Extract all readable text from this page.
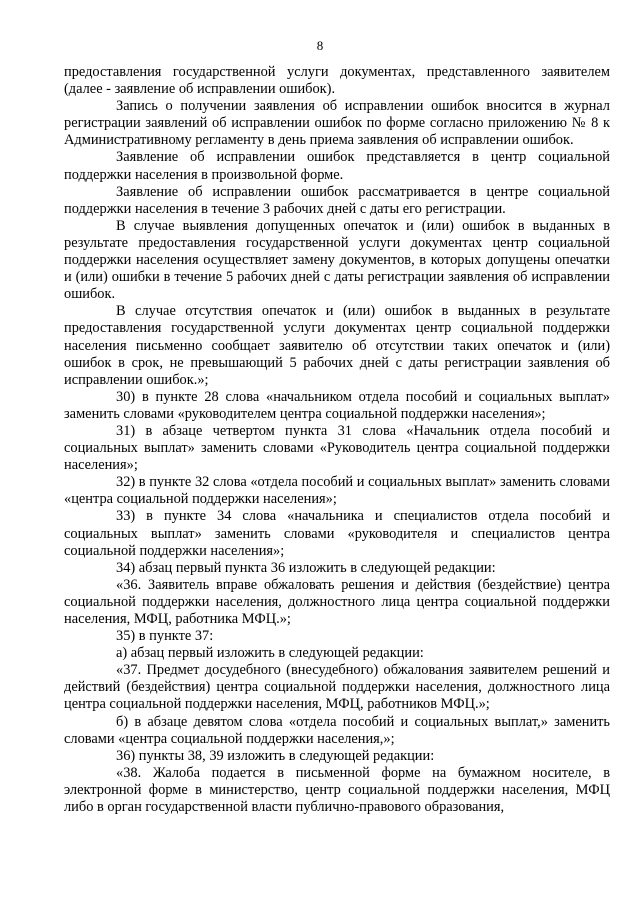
8

предоставления государственной услуги документах, представленного заявителем (далее - заявление об исправлении ошибок).

Запись о получении заявления об исправлении ошибок вносится в журнал регистрации заявлений об исправлении ошибок по форме согласно приложению № 8 к Административному регламенту в день приема заявления об исправлении ошибок.

Заявление об исправлении ошибок представляется в центр социальной поддержки населения в произвольной форме.

Заявление об исправлении ошибок рассматривается в центре социальной поддержки населения в течение 3 рабочих дней с даты его регистрации.

В случае выявления допущенных опечаток и (или) ошибок в выданных в результате предоставления государственной услуги документах центр социальной поддержки населения осуществляет замену документов, в которых допущены опечатки и (или) ошибки в течение 5 рабочих дней с даты регистрации заявления об исправлении ошибок.

В случае отсутствия опечаток и (или) ошибок в выданных в результате предоставления государственной услуги документах центр социальной поддержки населения письменно сообщает заявителю об отсутствии таких опечаток и (или) ошибок в срок, не превышающий 5 рабочих дней с даты регистрации заявления об исправлении ошибок.»;

30) в пункте 28 слова «начальником отдела пособий и социальных выплат» заменить словами «руководителем центра социальной поддержки населения»;

31) в абзаце четвертом пункта 31 слова «Начальник отдела пособий и социальных выплат» заменить словами «Руководитель центра социальной поддержки населения»;

32) в пункте 32 слова «отдела пособий и социальных выплат» заменить словами «центра социальной поддержки населения»;

33) в пункте 34 слова «начальника и специалистов отдела пособий и социальных выплат» заменить словами «руководителя и специалистов центра социальной поддержки населения»;

34) абзац первый пункта 36 изложить в следующей редакции:

«36. Заявитель вправе обжаловать решения и действия (бездействие) центра социальной поддержки населения, должностного лица центра социальной поддержки населения, МФЦ, работника МФЦ.»;

35) в пункте 37:

а) абзац первый изложить в следующей редакции:

«37. Предмет досудебного (внесудебного) обжалования заявителем решений и действий (бездействия) центра социальной поддержки населения, должностного лица центра социальной поддержки населения, МФЦ, работников МФЦ.»;

б) в абзаце девятом слова «отдела пособий и социальных выплат,» заменить словами «центра социальной поддержки населения,»;

36) пункты 38, 39 изложить в следующей редакции:

«38. Жалоба подается в письменной форме на бумажном носителе, в электронной форме в министерство, центр социальной поддержки населения, МФЦ либо в орган государственной власти публично-правового образования,
